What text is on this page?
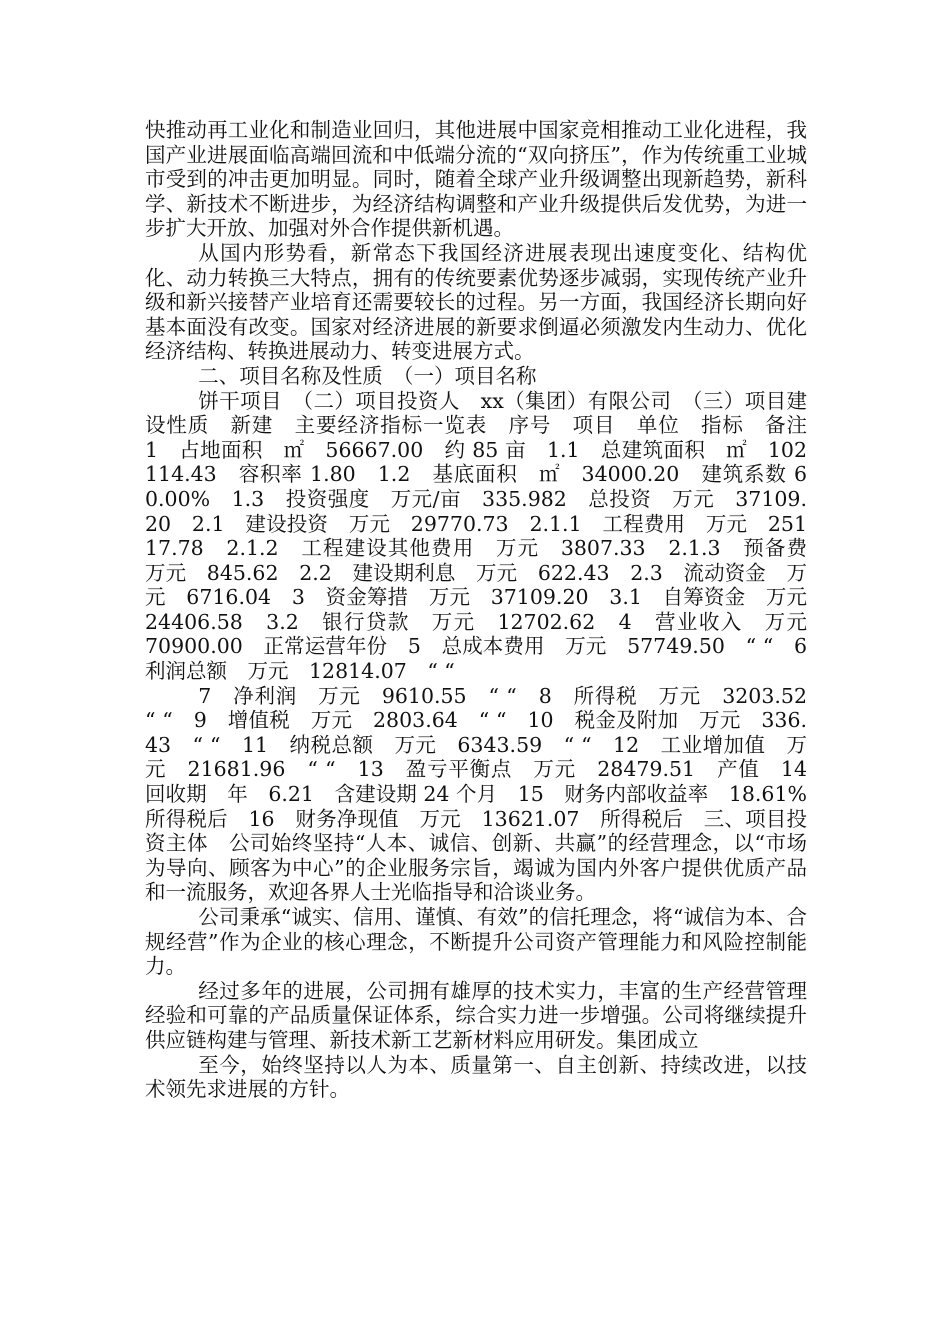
快推动再工业化和制造业回归，其他进展中国家竞相推动工业化进程，我国产业进展面临高端回流和中低端分流的“双向挤压”，作为传统重工业城市受到的冲击更加明显。同时，随着全球产业升级调整出现新趋势，新科学、新技术不断进步，为经济结构调整和产业升级提供后发优势，为进一步扩大开放、加强对外合作提供新机遇。

从国内形势看，新常态下我国经济进展表现出速度变化、结构优化、动力转换三大特点，拥有的传统要素优势逐步减弱，实现传统产业升级和新兴接替产业培育还需要较长的过程。另一方面，我国经济长期向好基本面没有改变。国家对经济进展的新要求倒逼必须激发内生动力、优化经济结构、转换进展动力、转变进展方式。

二、项目名称及性质　（一）项目名称

饼干项目　（二）项目投资人　xx（集团）有限公司　（三）项目建设性质　新建　主要经济指标一览表　序号　项目　单位　指标　备注　1　占地面积　㎡　56667.00　约 85 亩　1.1　总建筑面积　㎡　102114.43　容积率 1.80　1.2　基底面积　㎡　34000.20　建筑系数 60.00%　1.3　投资强度　万元/亩　335.982　总投资　万元　37109.20　2.1　建设投资　万元　29770.73　2.1.1　工程费用　万元　25117.78　2.1.2　工程建设其他费用　万元　3807.33　2.1.3　预备费　万元　845.62　2.2　建设期利息　万元　622.43　2.3　流动资金　万元　6716.04　3　资金筹措　万元　37109.20　3.1　自筹资金　万元　24406.58　3.2　银行贷款　万元　12702.62　4　营业收入　万元　70900.00　正常运营年份　5　总成本费用　万元　57749.50　“ “　6　利润总额　万元　12814.07　“ “

7　净利润　万元　9610.55　“ “　8　所得税　万元　3203.52　“ “　9　增值税　万元　2803.64　“ “　10　税金及附加　万元　336.43　“ “　11　纳税总额　万元　6343.59　“ “　12　工业增加值　万元　21681.96　“ “　13　盈亏平衡点　万元　28479.51　产值　14　回收期　年　6.21　含建设期 24 个月　15　财务内部收益率　18.61%　所得税后　16　财务净现值　万元　13621.07　所得税后　三、项目投资主体　公司始终坚持“人本、诚信、创新、共赢”的经营理念，以“市场为导向、顾客为中心”的企业服务宗旨，竭诚为国内外客户提供优质产品和一流服务，欢迎各界人士光临指导和洽谈业务。

公司秉承“诚实、信用、谨慎、有效”的信托理念，将“诚信为本、合规经营”作为企业的核心理念，不断提升公司资产管理能力和风险控制能力。

经过多年的进展，公司拥有雄厚的技术实力，丰富的生产经营管理经验和可靠的产品质量保证体系，综合实力进一步增强。公司将继续提升供应链构建与管理、新技术新工艺新材料应用研发。集团成立

至今，始终坚持以人为本、质量第一、自主创新、持续改进，以技术领先求进展的方针。
